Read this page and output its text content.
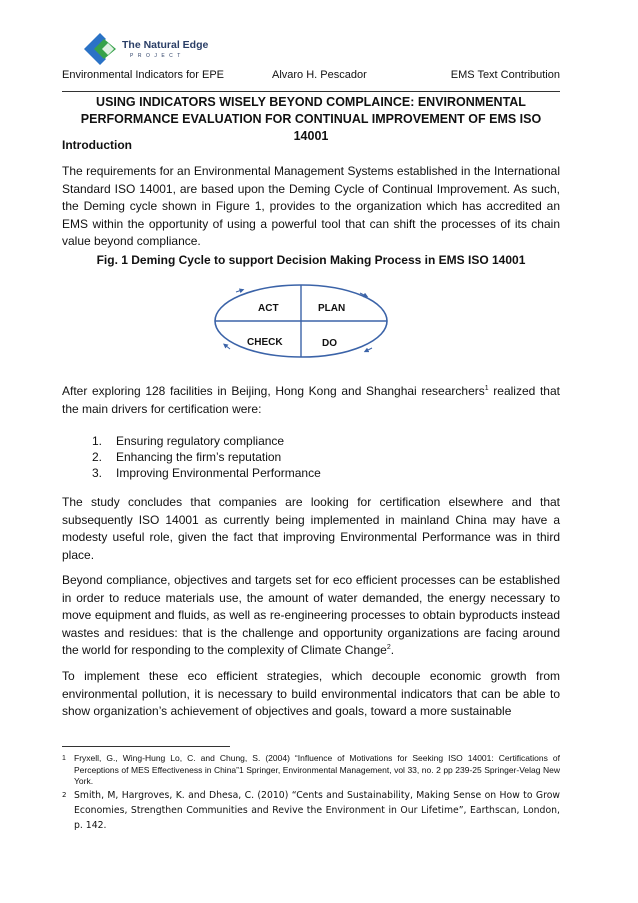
The Natural Edge
PROJECT
Environmental Indicators for EPE	Alvaro H. Pescador	EMS Text Contribution
USING INDICATORS WISELY BEYOND COMPLAINCE: ENVIRONMENTAL
PERFORMANCE EVALUATION FOR CONTINUAL IMPROVEMENT OF EMS ISO 14001
Introduction

The requirements for an Environmental Management Systems established in the International Standard ISO 14001, are based upon the Deming Cycle of Continual Improvement. As such, the Deming cycle shown in Figure 1, provides to the organization which has accredited an EMS within the opportunity of using a powerful tool that can shift the processes of its chain value beyond compliance.

Fig. 1 Deming Cycle to support Decision Making Process in EMS ISO 14001
ACT	PLAN
CHECK	DO

After exploring 128 facilities in Beijing, Hong Kong and Shanghai researchers$^1$ realized that the main drivers for certification were:

1. Ensuring regulatory compliance
2. Enhancing the firm’s reputation
3. Improving Environmental Performance

The study concludes that companies are looking for certification elsewhere and that subsequently ISO 14001 as currently being implemented in mainland China may have a modesty useful role, given the fact that improving Environmental Performance was in third place.

Beyond compliance, objectives and targets set for eco efficient processes can be established in order to reduce materials use, the amount of water demanded, the energy necessary to move equipment and fluids, as well as re-engineering processes to obtain byproducts instead wastes and residues: that is the challenge and opportunity organizations are facing around the world for responding to the complexity of Climate Change$^2$.

To implement these eco efficient strategies, which decouple economic growth from environmental pollution, it is necessary to build environmental indicators that can be able to show organization’s achievement of objectives and goals, toward a more sustainable

1 Fryxell, G., Wing-Hung Lo, C. and Chung, S. (2004) “Influence of Motivations for Seeking ISO 14001: Certifications of Perceptions of MES Effectiveness in China”1 Springer, Environmental Management, vol 33, no. 2 pp 239-25 Springer-Velag New York.

2 Smith, M, Hargroves, K. and Dhesa, C. (2010) “Cents and Sustainability, Making Sense on How to Grow Economies, Strengthen Communities and Revive the Environment in Our Lifetime”, Earthscan, London, p. 142.
